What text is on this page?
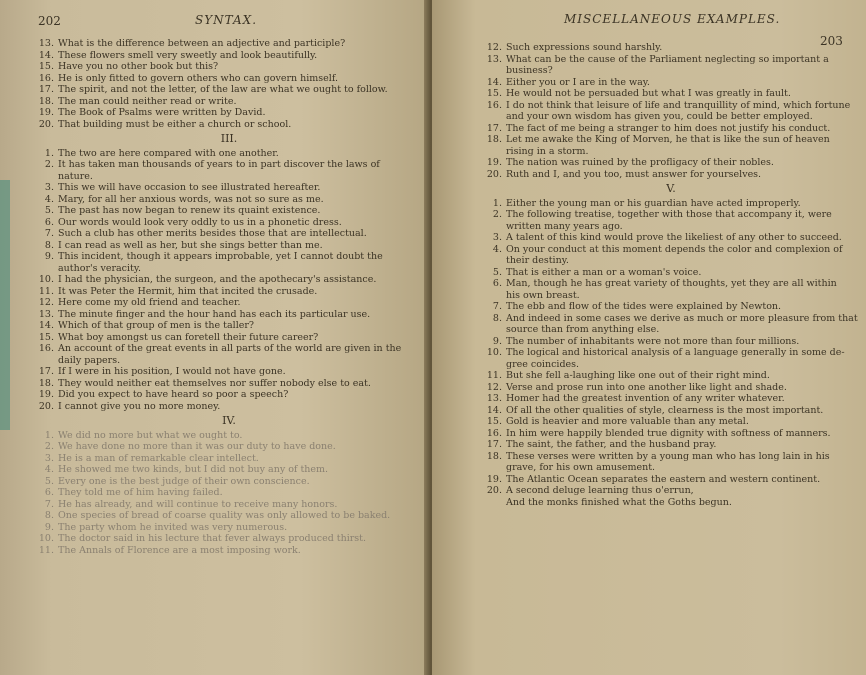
202	SYNTAX.
13. What is the difference between an adjective and participle?
14. These flowers smell very sweetly and look beautifully.
15. Have you no other book but this?
16. He is only fitted to govern others who can govern himself.
17. The spirit, and not the letter, of the law are what we ought to follow.
18. The man could neither read or write.
19. The Book of Psalms were written by David.
20. That building must be either a church or school.
III.
1. The two are here compared with one another.
2. It has taken man thousands of years to in part discover the laws of
nature.
3. This we will have occasion to see illustrated hereafter.
4. Mary, for all her anxious words, was not so sure as me.
5. The past has now began to renew its quaint existence.
6. Our words would look very oddly to us in a phonetic dress.
7. Such a club has other merits besides those that are intellectual.
8. I can read as well as her, but she sings better than me.
9. This incident, though it appears improbable, yet I cannot doubt the
author's veracity.
10. I had the physician, the surgeon, and the apothecary's assistance.
11. It was Peter the Hermit, him that incited the crusade.
12. Here come my old friend and teacher.
13. The minute finger and the hour hand has each its particular use.
14. Which of that group of men is the taller?
15. What boy amongst us can foretell their future career?
16. An account of the great events in all parts of the world are given in the
daily papers.
17. If I were in his position, I would not have gone.
18. They would neither eat themselves nor suffer nobody else to eat.
19. Did you expect to have heard so poor a speech?
20. I cannot give you no more money.
IV.
1. We did no more but what we ought to.
2. We have done no more than it was our duty to have done.
3. He is a man of remarkable clear intellect.
4. He showed me two kinds, but I did not buy any of them.
5. Every one is the best judge of their own conscience.
6. They told me of him having failed.
7. He has already, and will continue to receive many honors.
8. One species of bread of coarse quality was only allowed to be baked.
9. The party whom he invited was very numerous.
10. The doctor said in his lecture that fever always produced thirst.
11. The Annals of Florence are a most imposing work.
MISCELLANEOUS EXAMPLES.
203
12. Such expressions sound harshly.
13. What can be the cause of the Parliament neglecting so important a
business?
14. Either you or I are in the way.
15. He would not be persuaded but what I was greatly in fault.
16. I do not think that leisure of life and tranquillity of mind, which fortune
and your own wisdom has given you, could be better employed.
17. The fact of me being a stranger to him does not justify his conduct.
18. Let me awake the King of Morven, he that is like the sun of heaven
rising in a storm.
19. The nation was ruined by the profligacy of their nobles.
20. Ruth and I, and you too, must answer for yourselves.
V.
1. Either the young man or his guardian have acted improperly.
2. The following treatise, together with those that accompany it, were
written many years ago.
3. A talent of this kind would prove the likeliest of any other to succeed.
4. On your conduct at this moment depends the color and complexion of
their destiny.
5. That is either a man or a woman's voice.
6. Man, though he has great variety of thoughts, yet they are all within
his own breast.
7. The ebb and flow of the tides were explained by Newton.
8. And indeed in some cases we derive as much or more pleasure from that
source than from anything else.
9. The number of inhabitants were not more than four millions.
10. The logical and historical analysis of a language generally in some de-
gree coincides.
11. But she fell a-laughing like one out of their right mind.
12. Verse and prose run into one another like light and shade.
13. Homer had the greatest invention of any writer whatever.
14. Of all the other qualities of style, clearness is the most important.
15. Gold is heavier and more valuable than any metal.
16. In him were happily blended true dignity with softness of manners.
17. The saint, the father, and the husband pray.
18. These verses were written by a young man who has long lain in his
grave, for his own amusement.
19. The Atlantic Ocean separates the eastern and western continent.
20. A second deluge learning thus o'errun,
And the monks finished what the Goths begun.
